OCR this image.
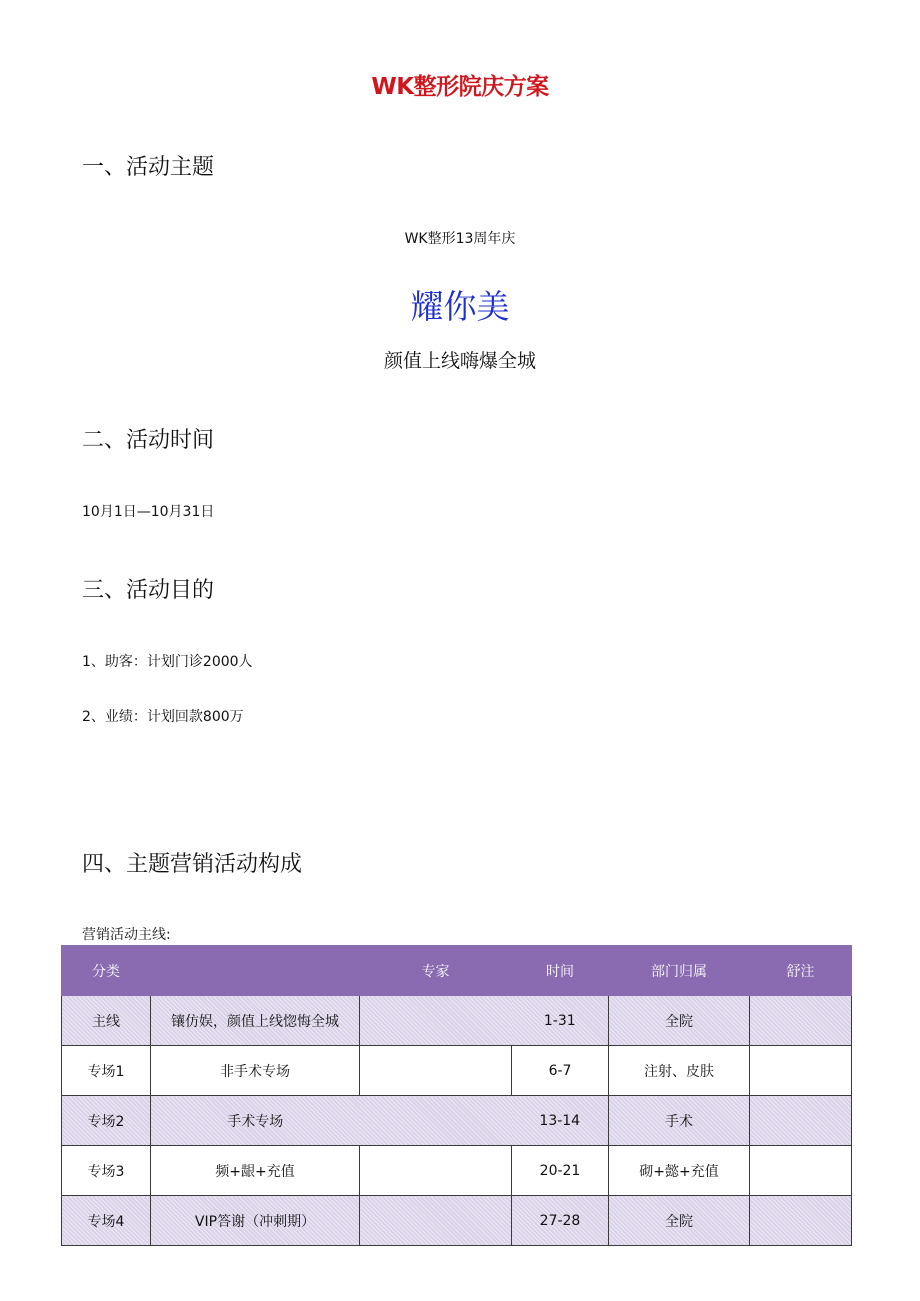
WK整形院庆方案
一、活动主题
WK整形13周年庆
耀你美
颜值上线嗨爆全城
二、活动时间
10月1日—10月31日
三、活动目的
1、助客：计划门诊2000人
2、业绩：计划回款800万
四、主题营销活动构成
营销活动主线:
分类		专家	时间	部门归属	舒注
主线	镶仿娱，颜值上线惚悔全城		1-31	全院	
专场1	非手术专场		6-7	注射、皮肤	
专场2	手术专场		13-14	手术	
专场3	频+龈+充值		20-21	砌+懿+充值	
专场4	VIP答谢（冲刺期）		27-28	全院	
